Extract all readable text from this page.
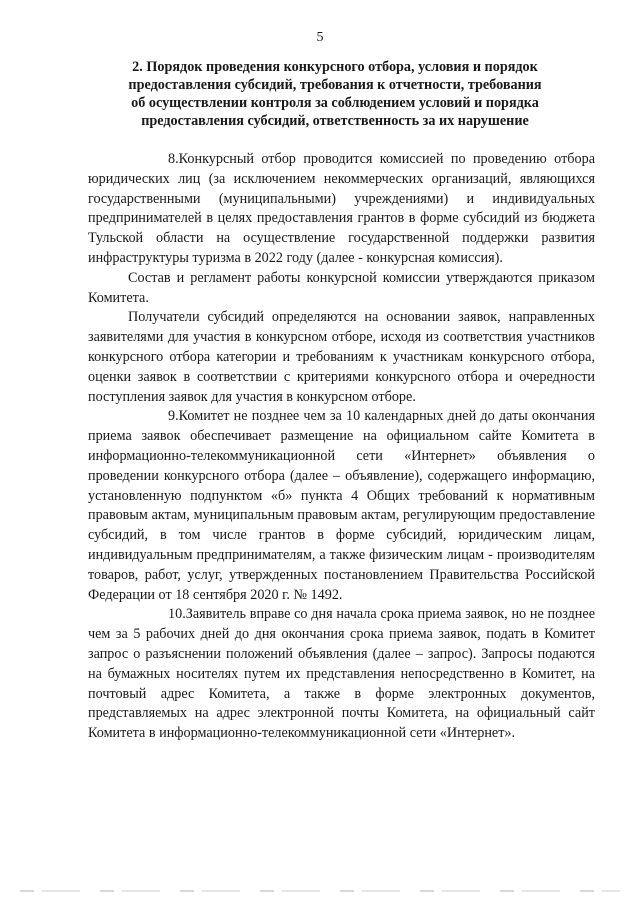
5
2. Порядок проведения конкурсного отбора, условия и порядок
предоставления субсидий, требования к отчетности, требования
об осуществлении контроля за соблюдением условий и порядка
предоставления субсидий, ответственность за их нарушение

8.Конкурсный отбор проводится комиссией по проведению отбора юридических лиц (за исключением некоммерческих организаций, являющихся государственными (муниципальными) учреждениями) и индивидуальных предпринимателей в целях предоставления грантов в форме субсидий из бюджета Тульской области на осуществление государственной поддержки развития инфраструктуры туризма в 2022 году (далее - конкурсная комиссия).

Состав и регламент работы конкурсной комиссии утверждаются приказом Комитета.

Получатели субсидий определяются на основании заявок, направленных заявителями для участия в конкурсном отборе, исходя из соответствия участников конкурсного отбора категории и требованиям к участникам конкурсного отбора, оценки заявок в соответствии с критериями конкурсного отбора и очередности поступления заявок для участия в конкурсном отборе.

9.Комитет не позднее чем за 10 календарных дней до даты окончания приема заявок обеспечивает размещение на официальном сайте Комитета в информационно-телекоммуникационной сети «Интернет» объявления о проведении конкурсного отбора (далее – объявление), содержащего информацию, установленную подпунктом «б» пункта 4 Общих требований к нормативным правовым актам, муниципальным правовым актам, регулирующим предоставление субсидий, в том числе грантов в форме субсидий, юридическим лицам, индивидуальным предпринимателям, а также физическим лицам - производителям товаров, работ, услуг, утвержденных постановлением Правительства Российской Федерации от 18 сентября 2020 г. № 1492.

10.Заявитель вправе со дня начала срока приема заявок, но не позднее чем за 5 рабочих дней до дня окончания срока приема заявок, подать в Комитет запрос о разъяснении положений объявления (далее – запрос). Запросы подаются на бумажных носителях путем их представления непосредственно в Комитет, на почтовый адрес Комитета, а также в форме электронных документов, представляемых на адрес электронной почты Комитета, на официальный сайт Комитета в информационно-телекоммуникационной сети «Интернет».
